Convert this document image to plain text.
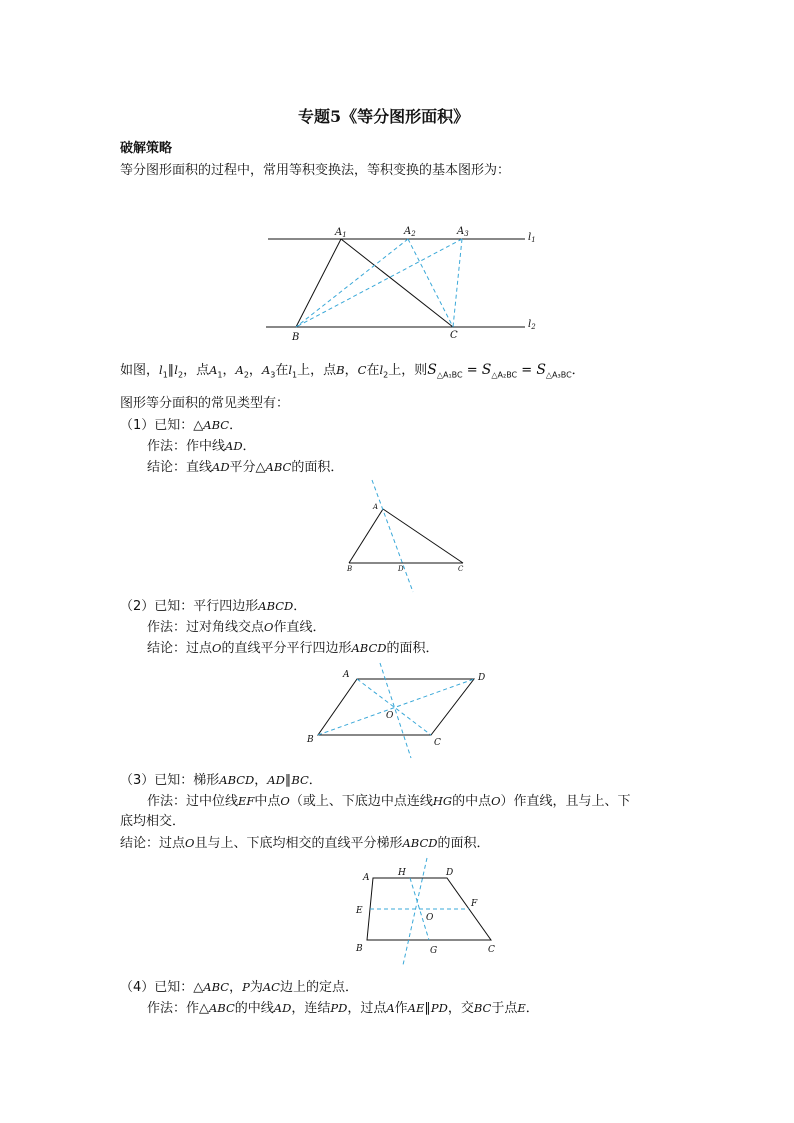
专题5《等分图形面积》
破解策略
等分图形面积的过程中，常用等积变换法，等积变换的基本图形为：
$A_1$	$A_2$	$A_3$	$l_1$
$l_2$
B	C
如图，$l_1\parallel l_2$，点$A_1$，$A_2$，$A_3$在$l_1$上，点B，C在$l_2$上，则$S_{\triangle A_1BC} = S_{\triangle A_2BC} = S_{\triangle A_3BC}$．
图形等分面积的常见类型有：
（1）已知：△ABC．
作法：作中线AD．
结论：直线AD平分△ABC的面积．
A
B	D	C
（2）已知：平行四边形ABCD．
作法：过对角线交点O作直线．
结论：过点O的直线平分平行四边形ABCD的面积．
A	D
B	C
O
（3）已知：梯形ABCD，AD∥BC．
作法：过中位线EF中点O（或上、下底边中点连线HG的中点O）作直线，且与上、下
底均相交．
结论：过点O且与上、下底均相交的直线平分梯形ABCD的面积．
A	H	D
E
F
O
B	G	C
（4）已知：△ABC，P为AC边上的定点．
作法：作△ABC的中线AD，连结PD，过点A作AE∥PD，交BC于点E．
